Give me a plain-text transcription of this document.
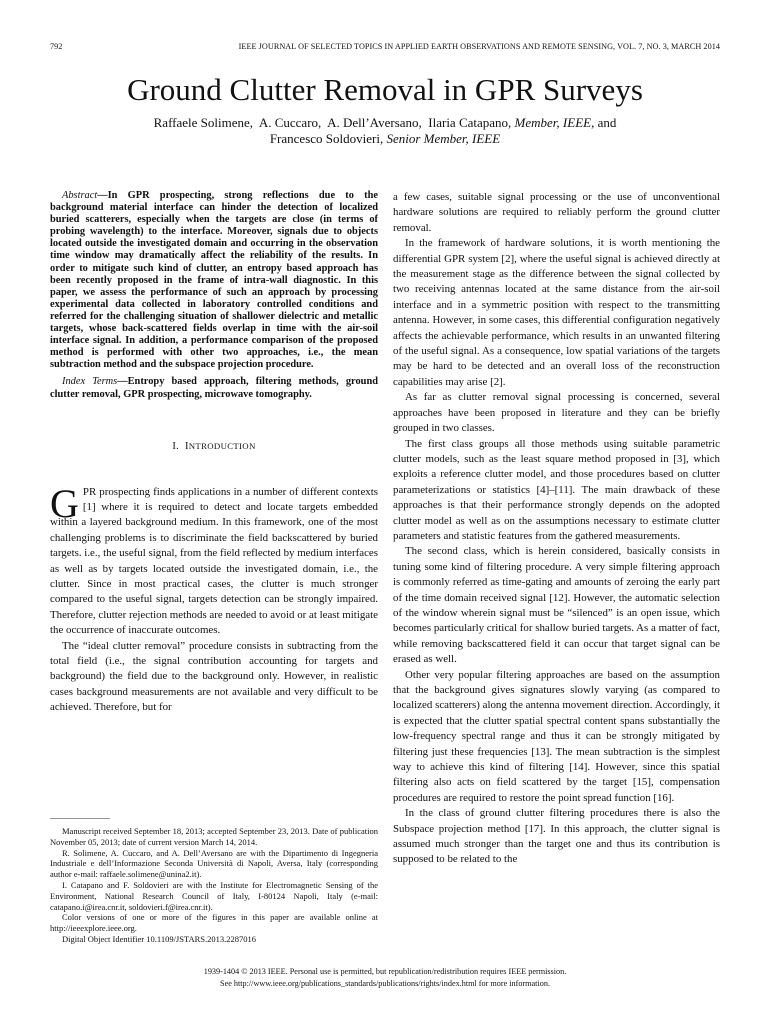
792	IEEE JOURNAL OF SELECTED TOPICS IN APPLIED EARTH OBSERVATIONS AND REMOTE SENSING, VOL. 7, NO. 3, MARCH 2014
Ground Clutter Removal in GPR Surveys
Raffaele Solimene, A. Cuccaro, A. Dell’Aversano, Ilaria Catapano, Member, IEEE, and
Francesco Soldovieri, Senior Member, IEEE

Abstract—In GPR prospecting, strong reflections due to the background material interface can hinder the detection of localized buried scatterers, especially when the targets are close (in terms of probing wavelength) to the interface. Moreover, signals due to objects located outside the investigated domain and occurring in the observation time window may dramatically affect the reliability of the results. In order to mitigate such kind of clutter, an entropy based approach has been recently proposed in the frame of intra-wall diagnostic. In this paper, we assess the performance of such an approach by processing experimental data collected in laboratory controlled conditions and referred for the challenging situation of shallower dielectric and metallic targets, whose back-scattered fields overlap in time with the air-soil interface signal. In addition, a performance comparison of the proposed method is performed with other two approaches, i.e., the mean subtraction method and the subspace projection procedure.

Index Terms—Entropy based approach, filtering methods, ground clutter removal, GPR prospecting, microwave tomography.

I. INTRODUCTION

GPR prospecting finds applications in a number of different contexts [1] where it is required to detect and locate targets embedded within a layered background medium. In this framework, one of the most challenging problems is to discriminate the field backscattered by buried targets. i.e., the useful signal, from the field reflected by medium interfaces as well as by targets located outside the investigated domain, i.e., the clutter. Since in most practical cases, the clutter is much stronger compared to the useful signal, targets detection can be strongly impaired. Therefore, clutter rejection methods are needed to avoid or at least mitigate the occurrence of inaccurate outcomes.

The “ideal clutter removal” procedure consists in subtracting from the total field (i.e., the signal contribution accounting for targets and background) the field due to the background only. However, in realistic cases background measurements are not available and very difficult to be achieved. Therefore, but for

Manuscript received September 18, 2013; accepted September 23, 2013. Date of publication November 05, 2013; date of current version March 14, 2014.

R. Solimene, A. Cuccaro, and A. Dell’Aversano are with the Dipartimento di Ingegneria Industriale e dell’Informazione Seconda Università di Napoli, Aversa, Italy (corresponding author e-mail: raffaele.solimene@unina2.it).

I. Catapano and F. Soldovieri are with the Institute for Electromagnetic Sensing of the Environment, National Research Council of Italy, I-80124 Napoli, Italy (e-mail: catapano.i@irea.cnr.it, soldovieri.f@irea.cnr.it).

Color versions of one or more of the figures in this paper are available online at http://ieeexplore.ieee.org.

Digital Object Identifier 10.1109/JSTARS.2013.2287016

a few cases, suitable signal processing or the use of unconventional hardware solutions are required to reliably perform the ground clutter removal.

In the framework of hardware solutions, it is worth mentioning the differential GPR system [2], where the useful signal is achieved directly at the measurement stage as the difference between the signal collected by two receiving antennas located at the same distance from the air-soil interface and in a symmetric position with respect to the transmitting antenna. However, in some cases, this differential configuration negatively affects the achievable performance, which results in an unwanted filtering of the useful signal. As a consequence, low spatial variations of the targets may be hard to be detected and an overall loss of the reconstruction capabilities may arise [2].

As far as clutter removal signal processing is concerned, several approaches have been proposed in literature and they can be briefly grouped in two classes.

The first class groups all those methods using suitable parametric clutter models, such as the least square method proposed in [3], which exploits a reference clutter model, and those procedures based on clutter parameterizations or statistics [4]–[11]. The main drawback of these approaches is that their performance strongly depends on the adopted clutter model as well as on the assumptions necessary to estimate clutter parameters and statistic features from the gathered measurements.

The second class, which is herein considered, basically consists in tuning some kind of filtering procedure. A very simple filtering approach is commonly referred as time-gating and amounts of zeroing the early part of the time domain received signal [12]. However, the automatic selection of the window wherein signal must be “silenced” is an open issue, which becomes particularly critical for shallow buried targets. As a matter of fact, while removing backscattered field it can occur that target signal can be erased as well.

Other very popular filtering approaches are based on the assumption that the background gives signatures slowly varying (as compared to localized scatterers) along the antenna movement direction. Accordingly, it is expected that the clutter spatial spectral content spans substantially the low-frequency spectral range and thus it can be strongly mitigated by filtering just these frequencies [13]. The mean subtraction is the simplest way to achieve this kind of filtering [14]. However, since this spatial filtering also acts on field scattered by the target [15], compensation procedures are required to restore the point spread function [16].

In the class of ground clutter filtering procedures there is also the Subspace projection method [17]. In this approach, the clutter signal is assumed much stronger than the target one and thus its contribution is supposed to be related to the

1939-1404 © 2013 IEEE. Personal use is permitted, but republication/redistribution requires IEEE permission.
See http://www.ieee.org/publications_standards/publications/rights/index.html for more information.
